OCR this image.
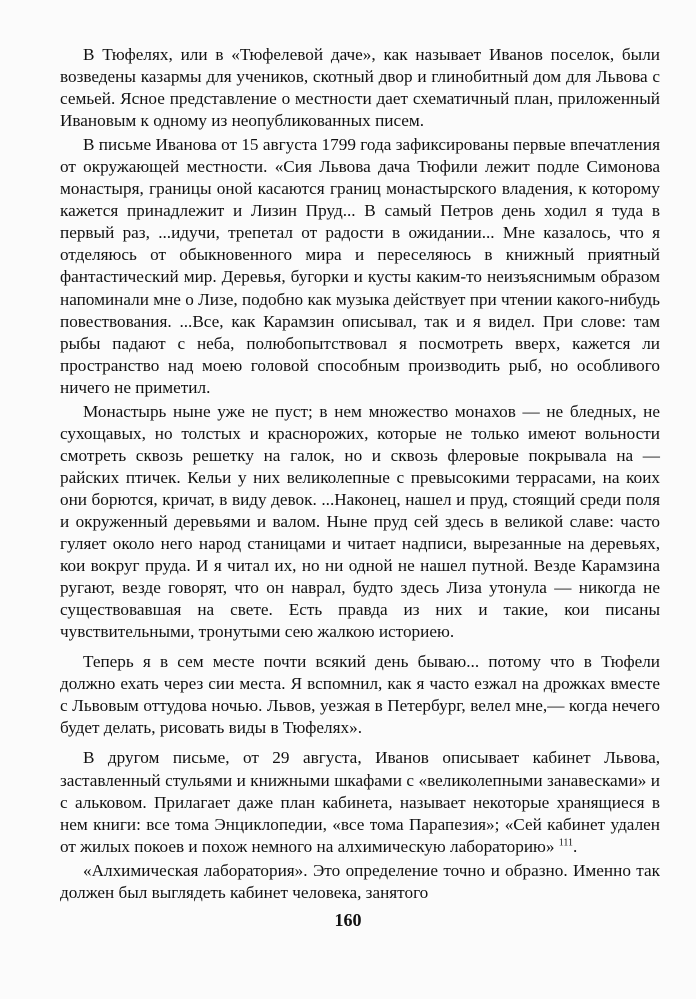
В Тюфелях, или в «Тюфелевой даче», как называет Иванов поселок, были возведены казармы для учеников, скотный двор и глинобитный дом для Львова с семьей. Ясное представление о местности дает схематичный план, приложенный Ивановым к одному из неопубликованных писем.

В письме Иванова от 15 августа 1799 года зафиксированы первые впечатления от окружающей местности. «Сия Львова дача Тюфили лежит подле Симонова монастыря, границы оной касаются границ монастырского владения, к которому кажется принадлежит и Лизин Пруд... В самый Петров день ходил я туда в первый раз, ...идучи, трепетал от радости в ожидании... Мне казалось, что я отделяюсь от обыкновенного мира и переселяюсь в книжный приятный фантастический мир. Деревья, бугорки и кусты каким-то неизъяснимым образом напоминали мне о Лизе, подобно как музыка действует при чтении какого-нибудь повествования. ...Все, как Карамзин описывал, так и я видел. При слове: там рыбы падают с неба, полюбопытствовал я посмотреть вверх, кажется ли пространство над моею головой способным производить рыб, но особливого ничего не приметил.

Монастырь ныне уже не пуст; в нем множество монахов — не бледных, не сухощавых, но толстых и краснорожих, которые не только имеют вольности смотреть сквозь решетку на галок, но и сквозь флеровые покрывала на — райских птичек. Кельи у них великолепные с превысокими террасами, на коих они борются, кричат, в виду девок. ...Наконец, нашел и пруд, стоящий среди поля и окруженный деревьями и валом. Ныне пруд сей здесь в великой славе: часто гуляет около него народ станицами и читает надписи, вырезанные на деревьях, кои вокруг пруда. И я читал их, но ни одной не нашел путной. Везде Карамзина ругают, везде говорят, что он наврал, будто здесь Лиза утонула — никогда не существовавшая на свете. Есть правда из них и такие, кои писаны чувствительными, тронутыми сею жалкою историею.

Теперь я в сем месте почти всякий день бываю... потому что в Тюфели должно ехать через сии места. Я вспомнил, как я часто езжал на дрожках вместе с Львовым оттудова ночью. Львов, уезжая в Петербург, велел мне,— когда нечего будет делать, рисовать виды в Тюфелях».

В другом письме, от 29 августа, Иванов описывает кабинет Львова, заставленный стульями и книжными шкафами с «великолепными занавесками» и с альковом. Прилагает даже план кабинета, называет некоторые хранящиеся в нем книги: все тома Энциклопедии, «все тома Парапезия»; «Сей кабинет удален от жилых покоев и похож немного на алхимическую лабораторию» $^{111}$.

«Алхимическая лаборатория». Это определение точно и образно. Именно так должен был выглядеть кабинет человека, занятого

160
